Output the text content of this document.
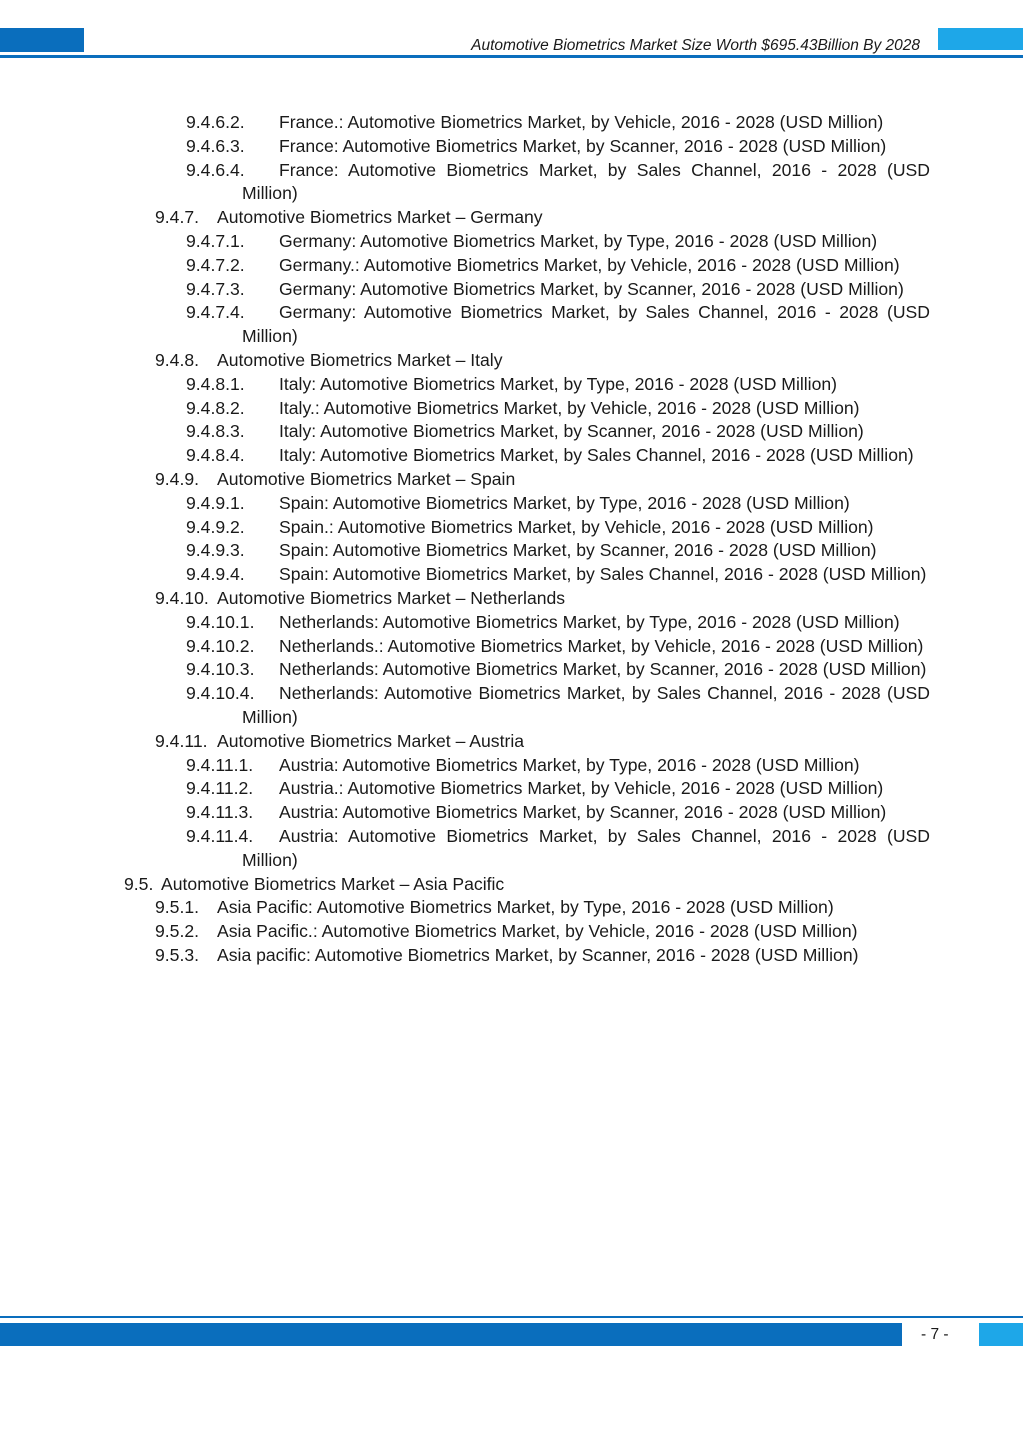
Automotive Biometrics Market Size Worth $695.43Billion By 2028
9.4.6.2.	France.: Automotive Biometrics Market, by Vehicle, 2016 - 2028 (USD Million)
9.4.6.3.	France: Automotive Biometrics Market, by Scanner, 2016 - 2028 (USD Million)
9.4.6.4.	France: Automotive Biometrics Market, by Sales Channel, 2016 - 2028 (USD Million)
9.4.7.	Automotive Biometrics Market – Germany
9.4.7.1.	Germany: Automotive Biometrics Market, by Type, 2016 - 2028 (USD Million)
9.4.7.2.	Germany.: Automotive Biometrics Market, by Vehicle, 2016 - 2028 (USD Million)
9.4.7.3.	Germany: Automotive Biometrics Market, by Scanner, 2016 - 2028 (USD Million)
9.4.7.4.	Germany: Automotive Biometrics Market, by Sales Channel, 2016 - 2028 (USD Million)
9.4.8.	Automotive Biometrics Market – Italy
9.4.8.1.	Italy: Automotive Biometrics Market, by Type, 2016 - 2028 (USD Million)
9.4.8.2.	Italy.: Automotive Biometrics Market, by Vehicle, 2016 - 2028 (USD Million)
9.4.8.3.	Italy: Automotive Biometrics Market, by Scanner, 2016 - 2028 (USD Million)
9.4.8.4.	Italy: Automotive Biometrics Market, by Sales Channel, 2016 - 2028 (USD Million)
9.4.9.	Automotive Biometrics Market – Spain
9.4.9.1.	Spain: Automotive Biometrics Market, by Type, 2016 - 2028 (USD Million)
9.4.9.2.	Spain.: Automotive Biometrics Market, by Vehicle, 2016 - 2028 (USD Million)
9.4.9.3.	Spain: Automotive Biometrics Market, by Scanner, 2016 - 2028 (USD Million)
9.4.9.4.	Spain: Automotive Biometrics Market, by Sales Channel, 2016 - 2028 (USD Million)
9.4.10. Automotive Biometrics Market – Netherlands
9.4.10.1.	Netherlands: Automotive Biometrics Market, by Type, 2016 - 2028 (USD Million)
9.4.10.2.	Netherlands.: Automotive Biometrics Market, by Vehicle, 2016 - 2028 (USD Million)
9.4.10.3.	Netherlands: Automotive Biometrics Market, by Scanner, 2016 - 2028 (USD Million)
9.4.10.4.	Netherlands: Automotive Biometrics Market, by Sales Channel, 2016 - 2028 (USD Million)
9.4.11. Automotive Biometrics Market – Austria
9.4.11.1.	Austria: Automotive Biometrics Market, by Type, 2016 - 2028 (USD Million)
9.4.11.2.	Austria.: Automotive Biometrics Market, by Vehicle, 2016 - 2028 (USD Million)
9.4.11.3.	Austria: Automotive Biometrics Market, by Scanner, 2016 - 2028 (USD Million)
9.4.11.4.	Austria: Automotive Biometrics Market, by Sales Channel, 2016 - 2028 (USD Million)
9.5. Automotive Biometrics Market – Asia Pacific
9.5.1.	Asia Pacific: Automotive Biometrics Market, by Type, 2016 - 2028 (USD Million)
9.5.2.	Asia Pacific.: Automotive Biometrics Market, by Vehicle, 2016 - 2028 (USD Million)
9.5.3.	Asia pacific: Automotive Biometrics Market, by Scanner, 2016 - 2028 (USD Million)
- 7 -
